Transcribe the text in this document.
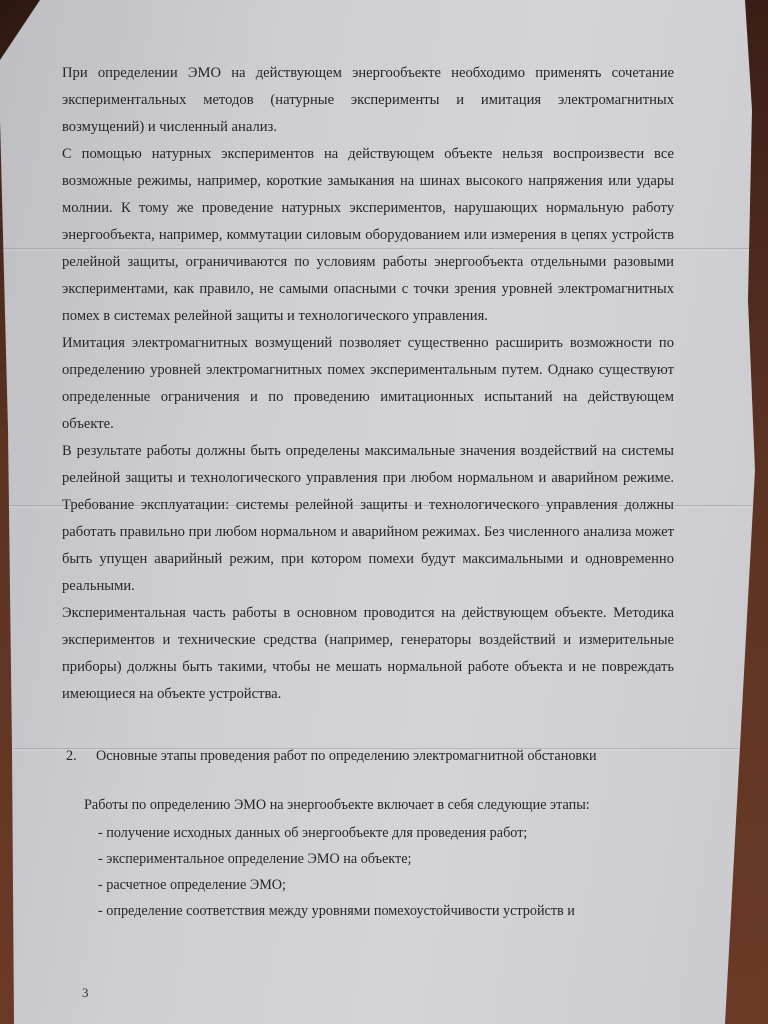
При определении ЭМО на действующем энергообъекте необходимо применять сочетание экспериментальных методов (натурные эксперименты и имитация электромагнитных возмущений) и численный анализ.

С помощью натурных экспериментов на действующем объекте нельзя воспроизвести все возможные режимы, например, короткие замыкания на шинах высокого напряжения или удары молнии. К тому же проведение натурных экспериментов, нарушающих нормальную работу энергообъекта, например, коммутации силовым оборудованием или измерения в цепях устройств релейной защиты, ограничиваются по условиям работы энергообъекта отдельными разовыми экспериментами, как правило, не самыми опасными с точки зрения уровней электромагнитных помех в системах релейной защиты и технологического управления.

Имитация электромагнитных возмущений позволяет существенно расширить возможности по определению уровней электромагнитных помех экспериментальным путем. Однако существуют определенные ограничения и по проведению имитационных испытаний на действующем объекте.

В результате работы должны быть определены максимальные значения воздействий на системы релейной защиты и технологического управления при любом нормальном и аварийном режиме. Требование эксплуатации: системы релейной защиты и технологического управления должны работать правильно при любом нормальном и аварийном режимах. Без численного анализа может быть упущен аварийный режим, при котором помехи будут максимальными и одновременно реальными.

Экспериментальная часть работы в основном проводится на действующем объекте. Методика экспериментов и технические средства (например, генераторы воздействий и измерительные приборы) должны быть такими, чтобы не мешать нормальной работе объекта и не повреждать имеющиеся на объекте устройства.

2. Основные этапы проведения работ по определению электромагнитной обстановки

Работы по определению ЭМО на энергообъекте включает в себя следующие этапы:

- получение исходных данных об энергообъекте для проведения работ;
- экспериментальное определение ЭМО на объекте;
- расчетное определение ЭМО;
- определение соответствия между уровнями помехоустойчивости устройств и
3
